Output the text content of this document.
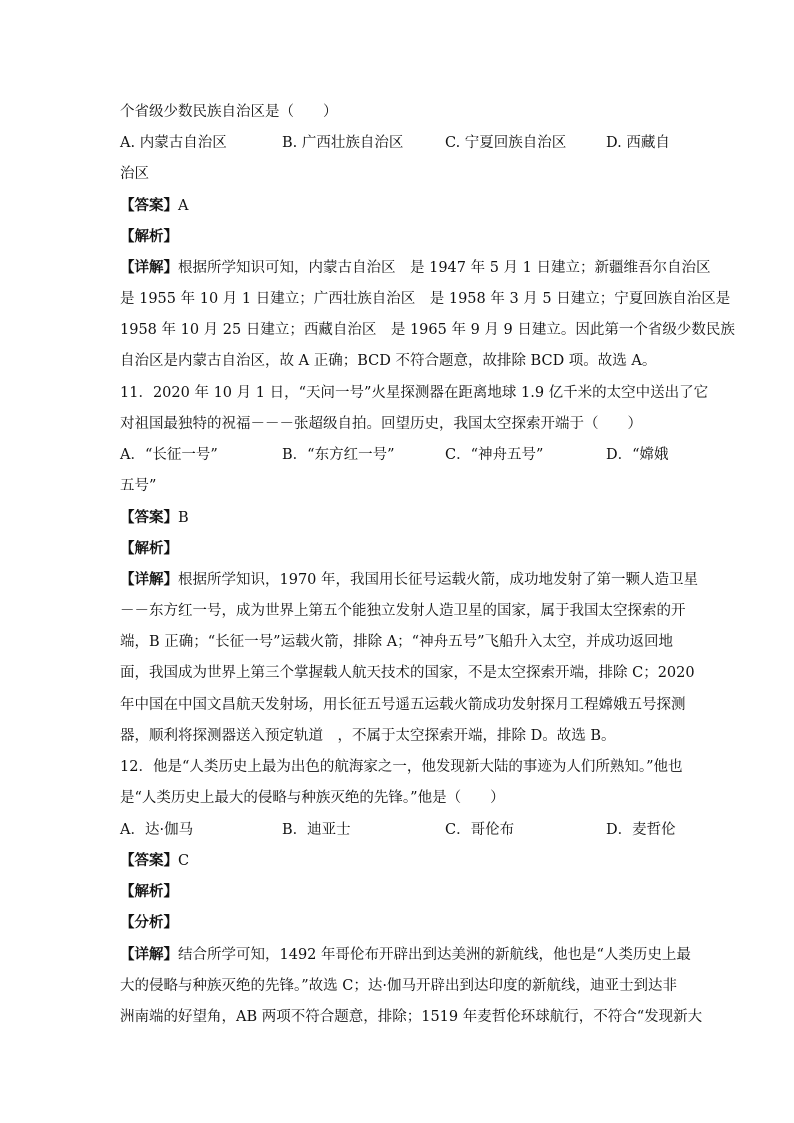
个省级少数民族自治区是（　　）
A. 内蒙古自治区	B. 广西壮族自治区	C. 宁夏回族自治区	D. 西藏自
治区
【答案】A
【解析】
【详解】根据所学知识可知，内蒙古自治区　是 1947 年 5 月 1 日建立；新疆维吾尔自治区
是 1955 年 10 月 1 日建立；广西壮族自治区　是 1958 年 3 月 5 日建立；宁夏回族自治区是
1958 年 10 月 25 日建立；西藏自治区　是 1965 年 9 月 9 日建立。因此第一个省级少数民族
自治区是内蒙古自治区，故 A 正确；BCD 不符合题意，故排除 BCD 项。故选 A。
11．2020 年 10 月 1 日，“天问一号”火星探测器在距离地球 1.9 亿千米的太空中送出了它
对祖国最独特的祝福－－－张超级自拍。回望历史，我国太空探索开端于（　　）
A．“长征一号”	B．“东方红一号”	C．“神舟五号”	D．“嫦娥
五号”
【答案】B
【解析】
【详解】根据所学知识，1970 年，我国用长征号运载火箭，成功地发射了第一颗人造卫星
－－东方红一号，成为世界上第五个能独立发射人造卫星的国家，属于我国太空探索的开
端，B 正确；“长征一号”运载火箭，排除 A；“神舟五号”飞船升入太空，并成功返回地
面，我国成为世界上第三个掌握载人航天技术的国家，不是太空探索开端，排除 C；2020
年中国在中国文昌航天发射场，用长征五号遥五运载火箭成功发射探月工程嫦娥五号探测
器，顺利将探测器送入预定轨道　，不属于太空探索开端，排除 D。故选 B。
12．他是“人类历史上最为出色的航海家之一，他发现新大陆的事迹为人们所熟知。”他也
是“人类历史上最大的侵略与种族灭绝的先锋。”他是（　　）
A．达·伽马	B．迪亚士	C．哥伦布	D．麦哲伦
【答案】C
【解析】
【分析】
【详解】结合所学可知，1492 年哥伦布开辟出到达美洲的新航线，他也是“人类历史上最
大的侵略与种族灭绝的先锋。”故选 C；达·伽马开辟出到达印度的新航线，迪亚士到达非
洲南端的好望角，AB 两项不符合题意，排除；1519 年麦哲伦环球航行，不符合“发现新大
